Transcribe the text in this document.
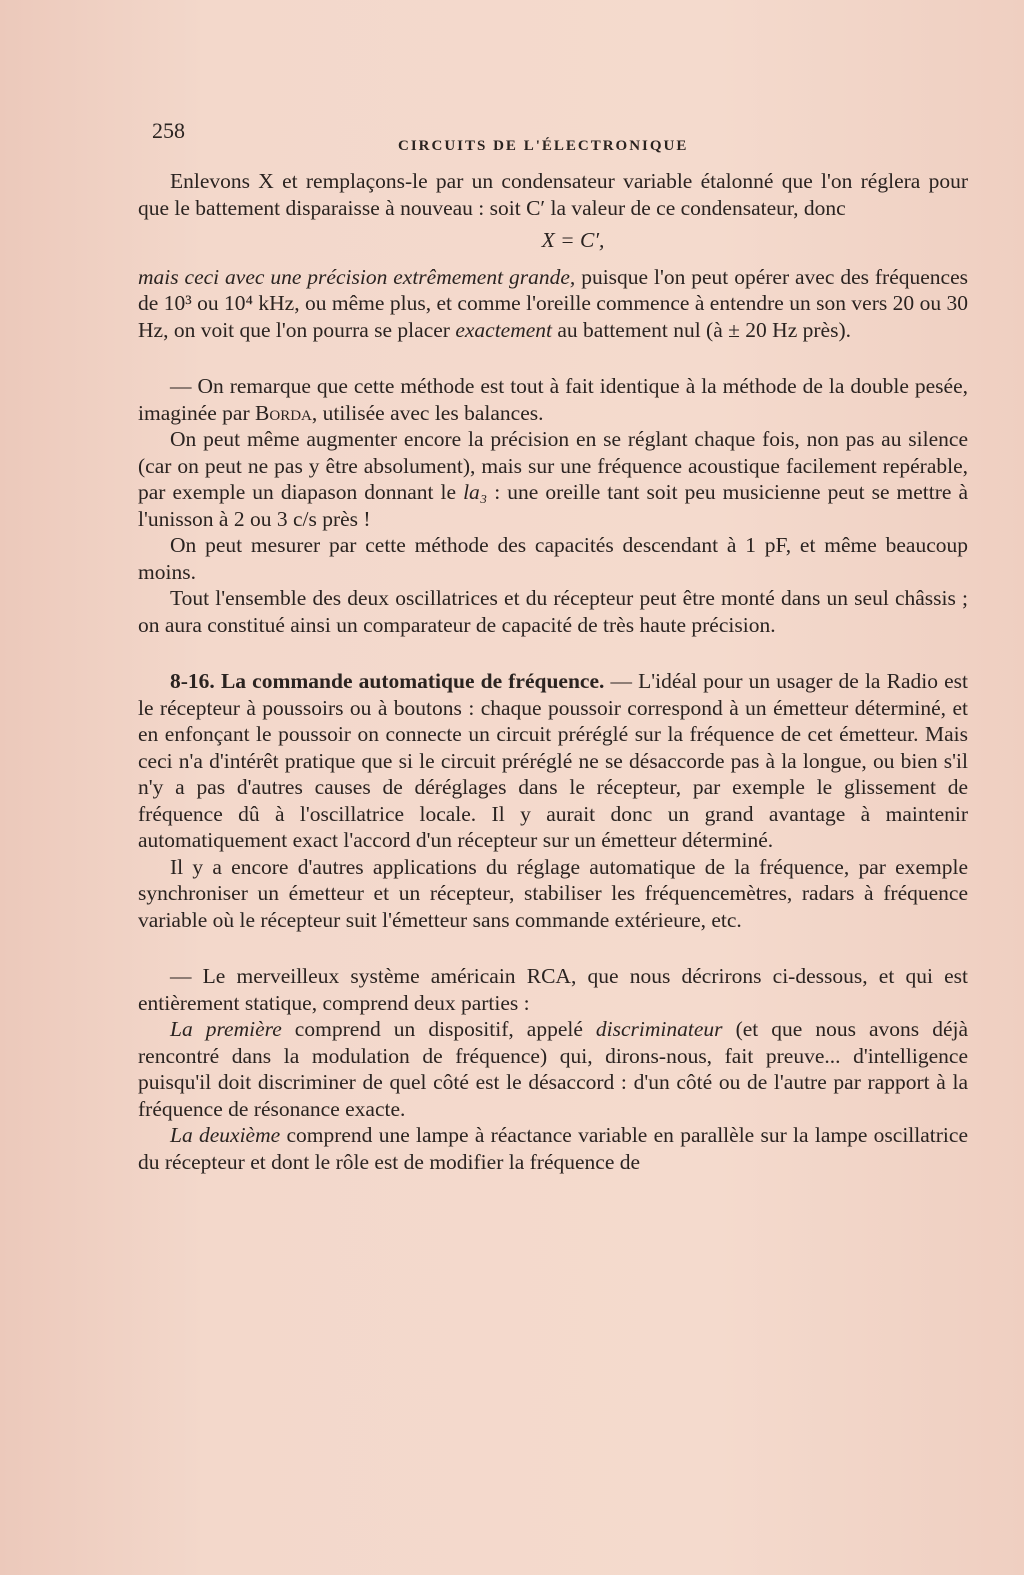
258
CIRCUITS DE L'ÉLECTRONIQUE

Enlevons X et remplaçons-le par un condensateur variable étalonné que l'on réglera pour que le battement disparaisse à nouveau : soit C′ la valeur de ce condensateur, donc

X = C′,

mais ceci avec une précision extrêmement grande, puisque l'on peut opérer avec des fréquences de 10³ ou 10⁴ kHz, ou même plus, et comme l'oreille commence à entendre un son vers 20 ou 30 Hz, on voit que l'on pourra se placer exactement au battement nul (à ± 20 Hz près).

— On remarque que cette méthode est tout à fait identique à la méthode de la double pesée, imaginée par Borda, utilisée avec les balances.

On peut même augmenter encore la précision en se réglant chaque fois, non pas au silence (car on peut ne pas y être absolument), mais sur une fréquence acoustique facilement repérable, par exemple un diapason donnant le la₃ : une oreille tant soit peu musicienne peut se mettre à l'unisson à 2 ou 3 c/s près !

On peut mesurer par cette méthode des capacités descendant à 1 pF, et même beaucoup moins.

Tout l'ensemble des deux oscillatrices et du récepteur peut être monté dans un seul châssis ; on aura constitué ainsi un comparateur de capacité de très haute précision.

8-16. La commande automatique de fréquence. — L'idéal pour un usager de la Radio est le récepteur à poussoirs ou à boutons : chaque poussoir correspond à un émetteur déterminé, et en enfonçant le poussoir on connecte un circuit préréglé sur la fréquence de cet émetteur. Mais ceci n'a d'intérêt pratique que si le circuit préréglé ne se désaccorde pas à la longue, ou bien s'il n'y a pas d'autres causes de déréglages dans le récepteur, par exemple le glissement de fréquence dû à l'oscillatrice locale. Il y aurait donc un grand avantage à maintenir automatiquement exact l'accord d'un récepteur sur un émetteur déterminé.

Il y a encore d'autres applications du réglage automatique de la fréquence, par exemple synchroniser un émetteur et un récepteur, stabiliser les fréquencemètres, radars à fréquence variable où le récepteur suit l'émetteur sans commande extérieure, etc.

— Le merveilleux système américain RCA, que nous décrirons ci-dessous, et qui est entièrement statique, comprend deux parties :

La première comprend un dispositif, appelé discriminateur (et que nous avons déjà rencontré dans la modulation de fréquence) qui, dirons-nous, fait preuve... d'intelligence puisqu'il doit discriminer de quel côté est le désaccord : d'un côté ou de l'autre par rapport à la fréquence de résonance exacte.

La deuxième comprend une lampe à réactance variable en parallèle sur la lampe oscillatrice du récepteur et dont le rôle est de modifier la fréquence de
